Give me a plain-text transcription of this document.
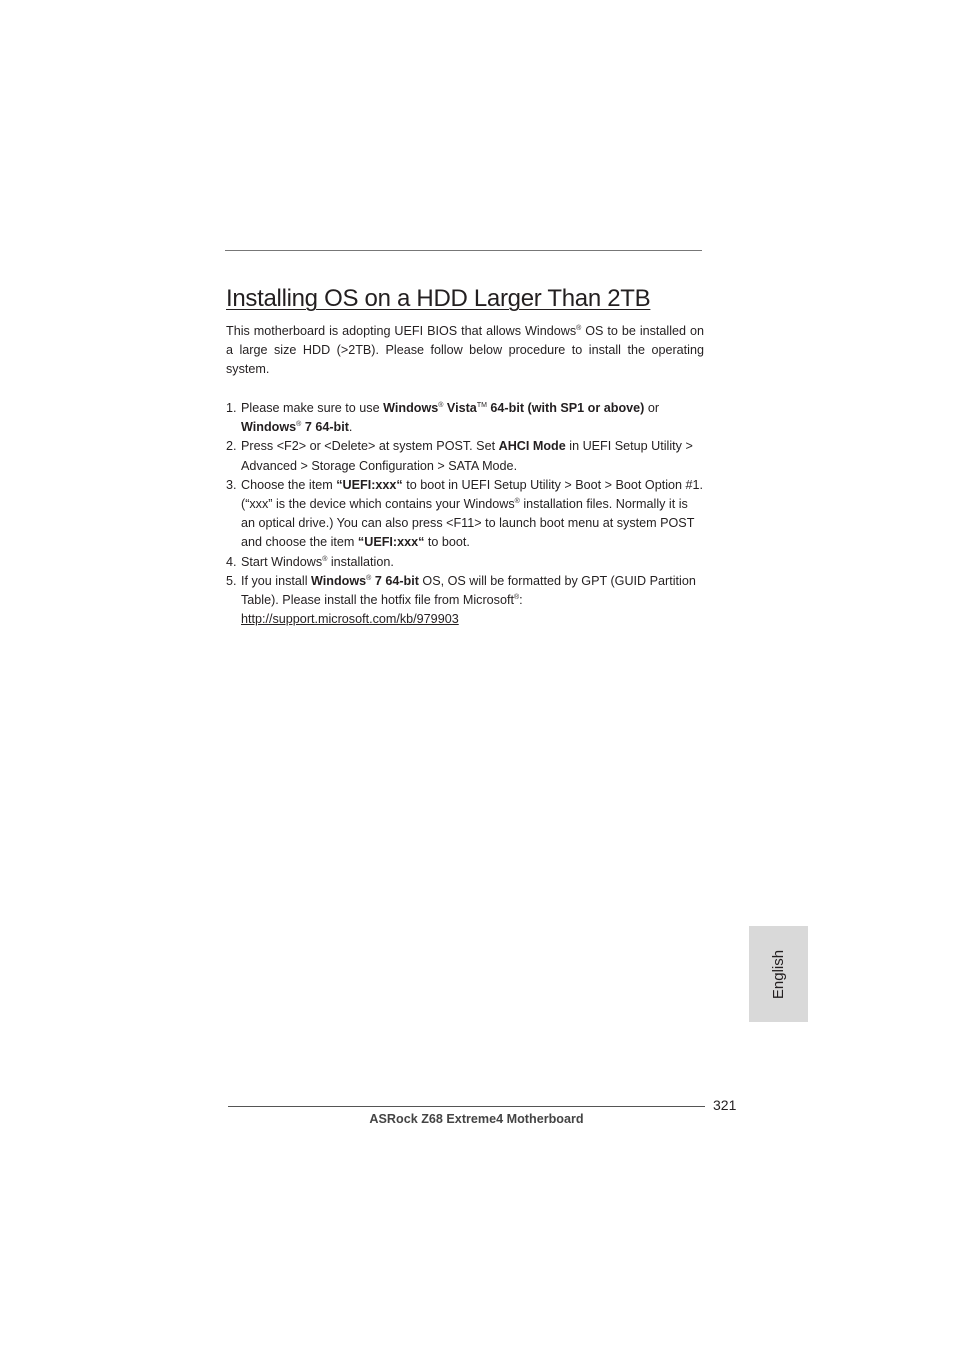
Installing OS on a HDD Larger Than 2TB

This motherboard is adopting UEFI BIOS that allows Windows® OS to be installed on a large size HDD (>2TB). Please follow below procedure to install the operating system.

1. Please make sure to use Windows® Vista™ 64-bit (with SP1 or above) or
Windows® 7 64-bit.
2. Press <F2> or <Delete> at system POST. Set AHCI Mode in UEFI Setup Utility > Advanced > Storage Configuration > SATA Mode.
3. Choose the item “UEFI:xxx“ to boot in UEFI Setup Utility > Boot > Boot Option #1. (“xxx” is the device which contains your Windows® installation files. Normally it is an optical drive.) You can also press <F11> to launch boot menu at system POST and choose the item “UEFI:xxx“ to boot.
4. Start Windows® installation.
5. If you install Windows® 7 64-bit OS, OS will be formatted by GPT (GUID Partition Table). Please install the hotfix file from Microsoft®:
http://support.microsoft.com/kb/979903
English
321
ASRock Z68 Extreme4 Motherboard
